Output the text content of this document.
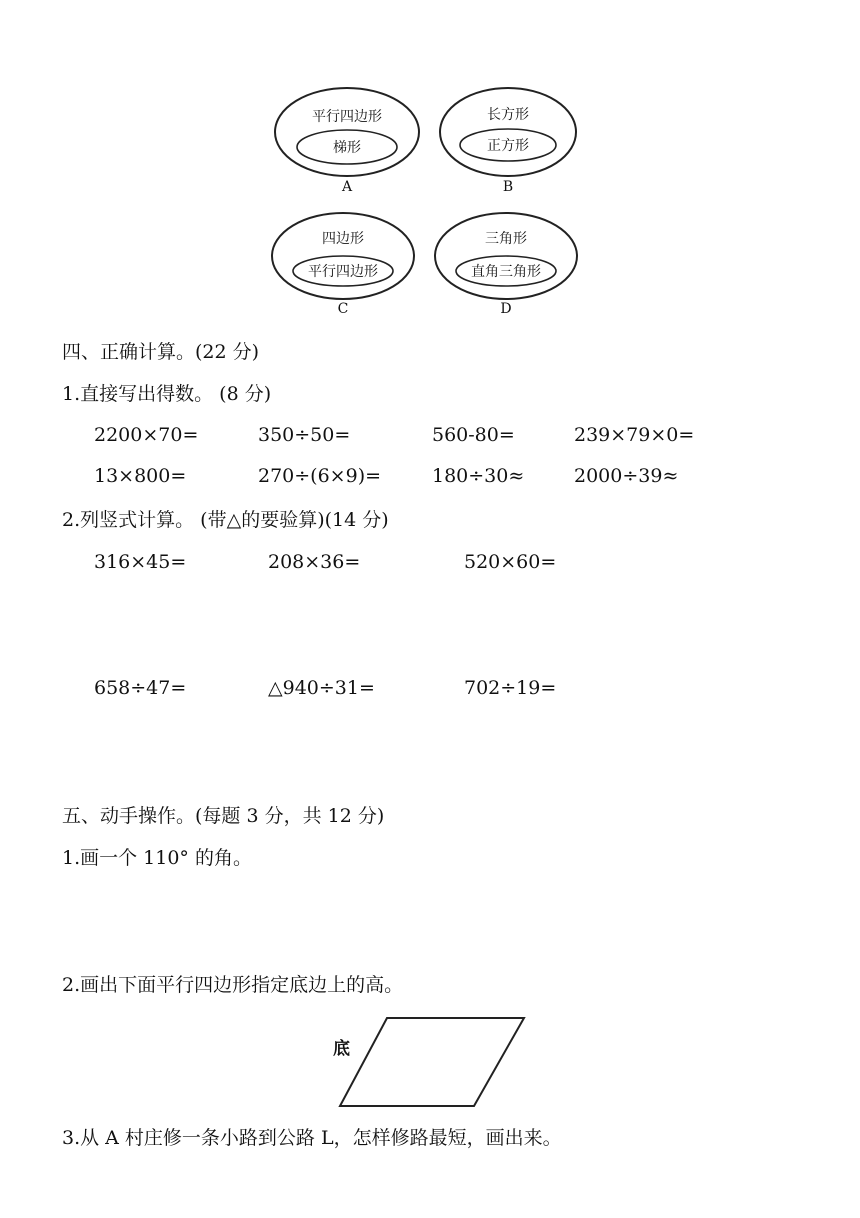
平行四边形
梯形
A
长方形
正方形
B
四边形
平行四边形
C
三角形
直角三角形
D
四、正确计算。(22 分)
1.直接写出得数。 (8 分)
2200×70=	350÷50=	560-80=	239×79×0=
13×800=	270÷(6×9)=	180÷30≈	2000÷39≈
2.列竖式计算。 (带△的要验算)(14 分)
316×45=	208×36=	520×60=
658÷47=	△940÷31=	702÷19=
五、动手操作。(每题 3 分，共 12 分)
1.画一个 110° 的角。
2.画出下面平行四边形指定底边上的高。
底
3.从 A 村庄修一条小路到公路 L，怎样修路最短，画出来。
